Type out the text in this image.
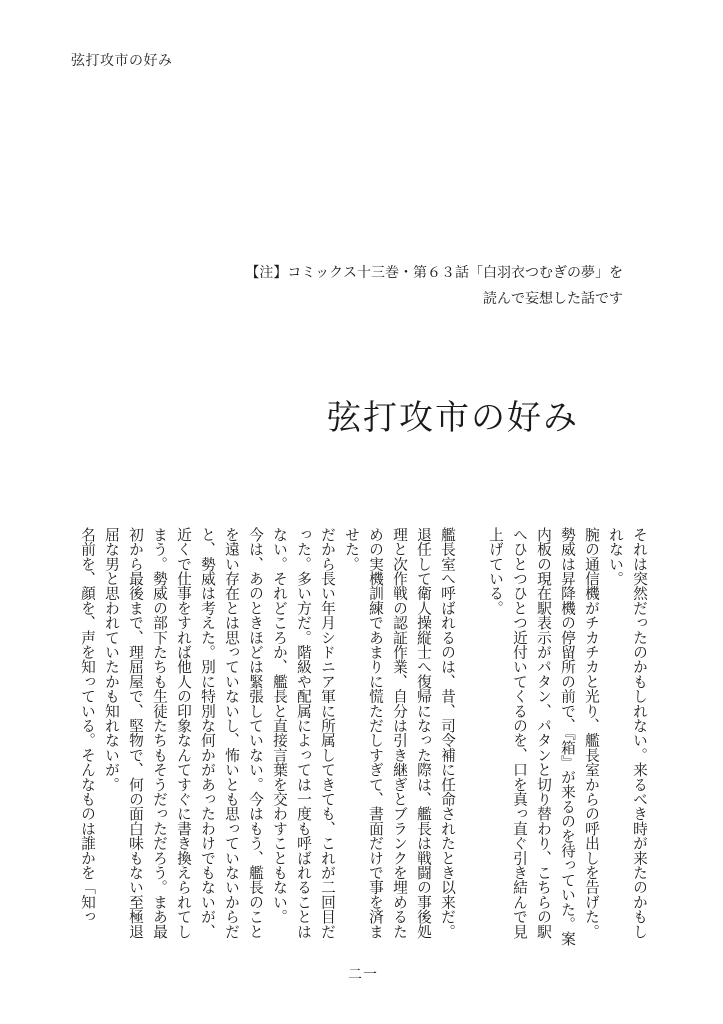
弦打攻市の好み
【注】コミックス十三巻・第６３話「白羽衣つむぎの夢」を
読んで妄想した話です
弦打攻市の好み

それは突然だったのかもしれない。来るべき時が来たのかもしれない。

腕の通信機がチカチカと光り、艦長室からの呼出しを告げた。

勢威は昇降機の停留所の前で、『箱』が来るのを待っていた。案内板の現在駅表示がパタン、パタンと切り替わり、こちらの駅へひとつひとつ近付いてくるのを、口を真っ直ぐ引き結んで見上げている。

艦長室へ呼ばれるのは、昔、司令補に任命されたとき以来だ。退任して衛人操縦士へ復帰になった際は、艦長は戦闘の事後処理と次作戦の認証作業、自分は引き継ぎとブランクを埋めるための実機訓練であまりに慌ただしすぎて、書面だけで事を済ませた。

だから長い年月シドニア軍に所属してきても、これが二回目だった。多い方だ。階級や配属によっては一度も呼ばれることはない。それどころか、艦長と直接言葉を交わすこともない。

今は、あのときほどは緊張していない。今はもう、艦長のことを遠い存在とは思っていないし、怖いとも思っていないからだと、勢威は考えた。別に特別な何かがあったわけでもないが、近くで仕事をすれば他人の印象なんてすぐに書き換えられてしまう。勢威の部下たちも生徒たちもそうだっただろう。まあ最初から最後まで、理屈屋で、堅物で、何の面白味もない至極退屈な男と思われていたかも知れないが。

名前を、顔を、声を知っている。そんなものは誰かを「知っ

二一
